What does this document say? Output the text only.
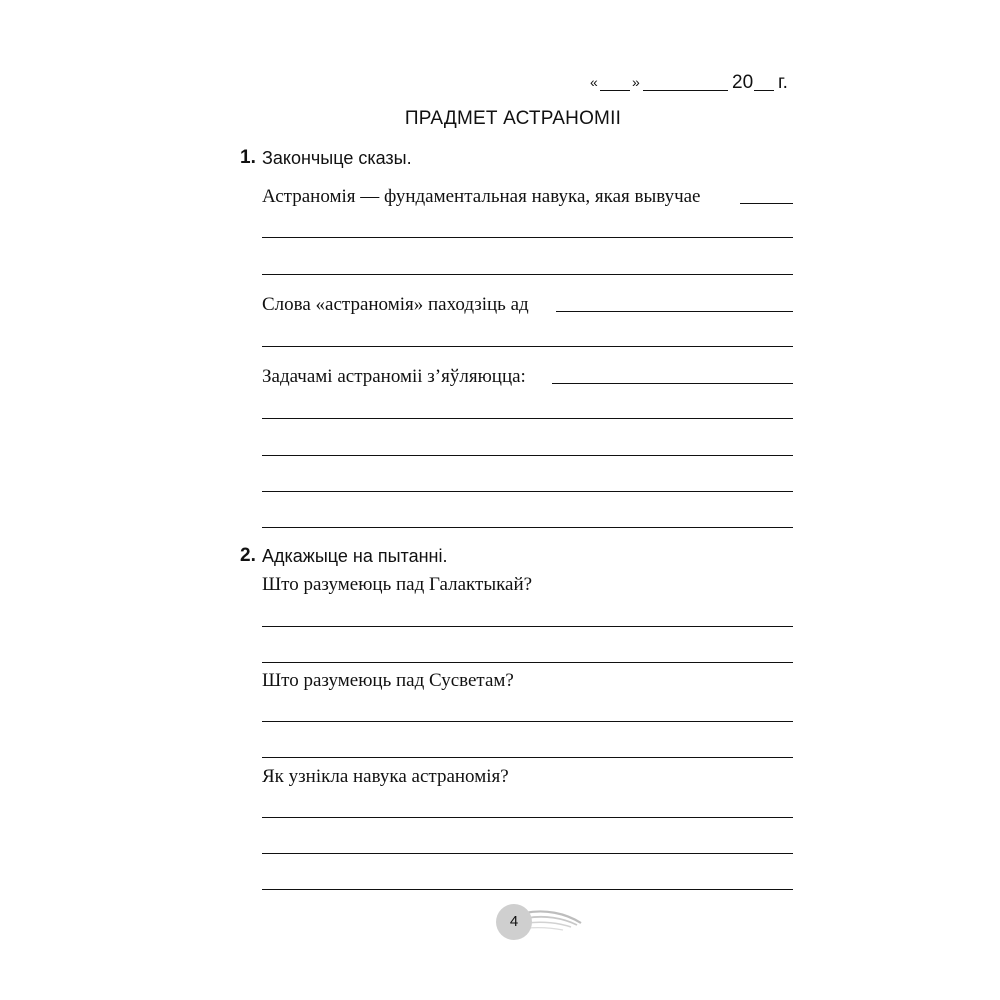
« »	20 г.
ПРАДМЕТ АСТРАНОМІІ
1. Закончыце сказы.
Астраномія — фундаментальная навука, якая вывучае
Слова «астраномія» паходзіць ад
Задачамі астраноміі з’яўляюцца:
2. Адкажыце на пытанні.
Што разумеюць пад Галактыкай?
Што разумеюць пад Сусветам?
Як узнікла навука астраномія?
4
